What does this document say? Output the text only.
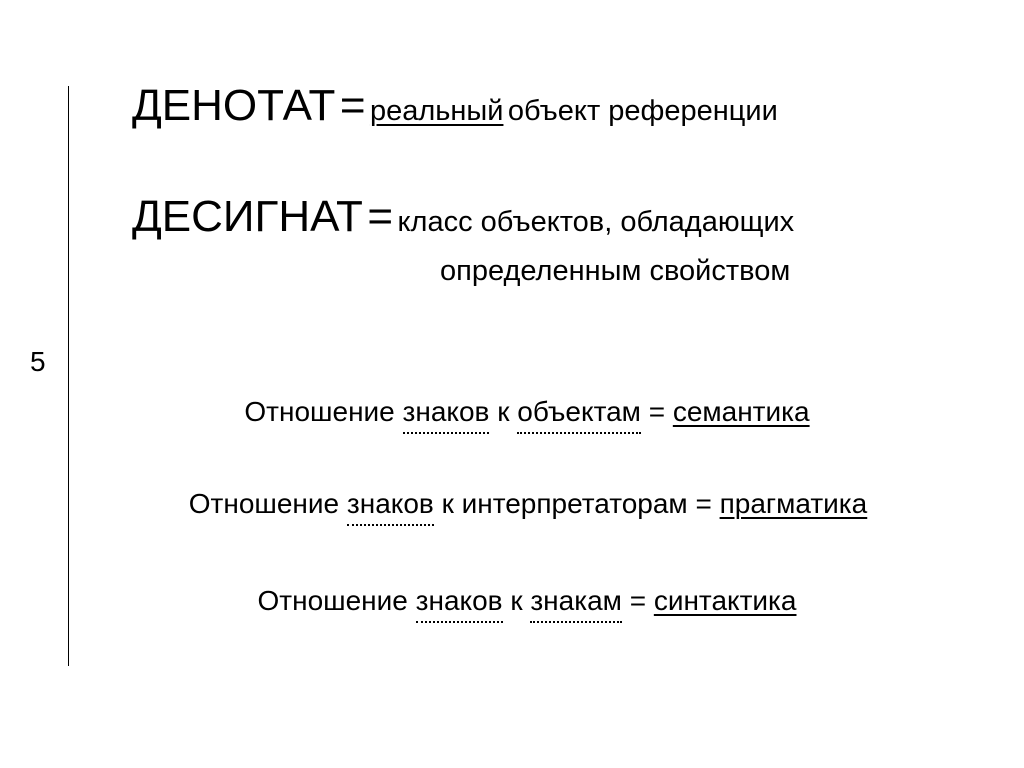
5
ДЕНОТАТ = реальный объект референции
ДЕСИГНАТ = класс объектов, обладающих
определенным свойством
Отношение знаков к объектам = семантика
Отношение знаков к интерпретаторам = прагматика
Отношение знаков к знакам = синтактика
